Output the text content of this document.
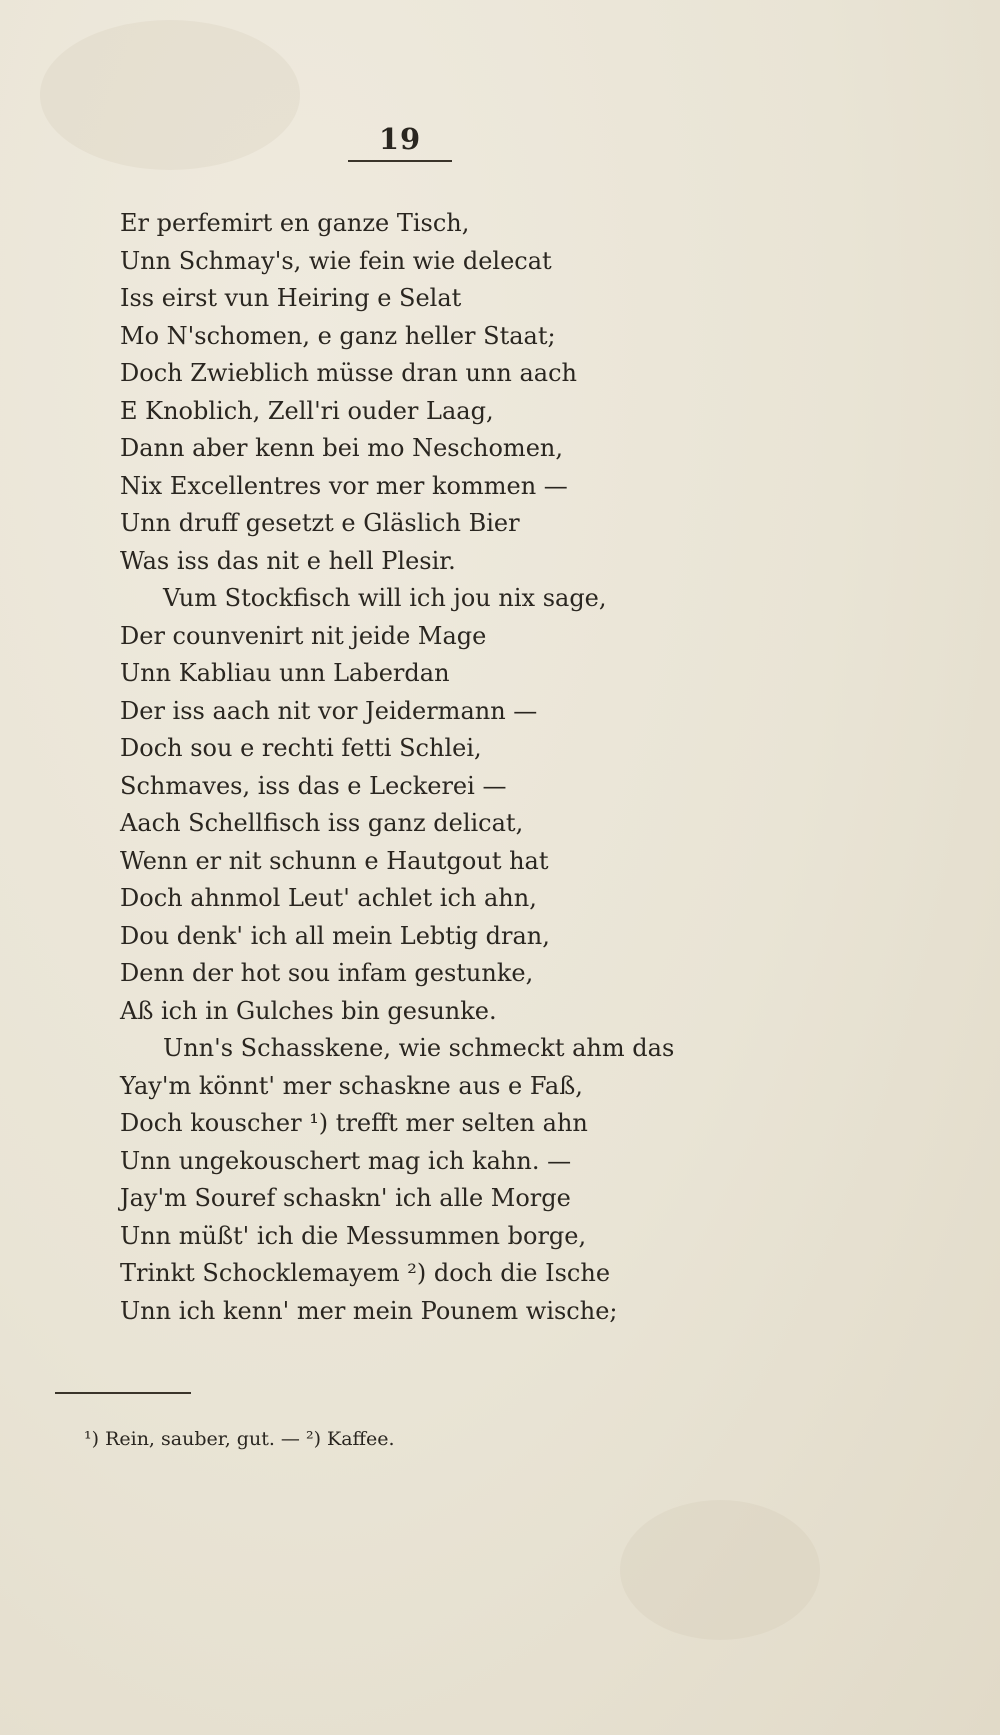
19
Er perfemirt en ganze Tisch,
Unn Schmay's, wie fein wie delecat
Iss eirst vun Heiring e Selat
Mo N'schomen, e ganz heller Staat;
Doch Zwieblich müsse dran unn aach
E Knoblich, Zell'ri ouder Laag,
Dann aber kenn bei mo Neschomen,
Nix Excellentres vor mer kommen —
Unn druff gesetzt e Gläslich Bier
Was iss das nit e hell Plesir.
Vum Stockfisch will ich jou nix sage,
Der counvenirt nit jeide Mage
Unn Kabliau unn Laberdan
Der iss aach nit vor Jeidermann —
Doch sou e rechti fetti Schlei,
Schmaves, iss das e Leckerei —
Aach Schellfisch iss ganz delicat,
Wenn er nit schunn e Hautgout hat
Doch ahnmol Leut' achlet ich ahn,
Dou denk' ich all mein Lebtig dran,
Denn der hot sou infam gestunke,
Aß ich in Gulches bin gesunke.
Unn's Schasskene, wie schmeckt ahm das
Yay'm könnt' mer schaskne aus e Faß,
Doch kouscher ¹) trefft mer selten ahn
Unn ungekouschert mag ich kahn. —
Jay'm Souref schaskn' ich alle Morge
Unn müßt' ich die Messummen borge,
Trinkt Schocklemayem ²) doch die Ische
Unn ich kenn' mer mein Pounem wische;
¹) Rein, sauber, gut. — ²) Kaffee.
